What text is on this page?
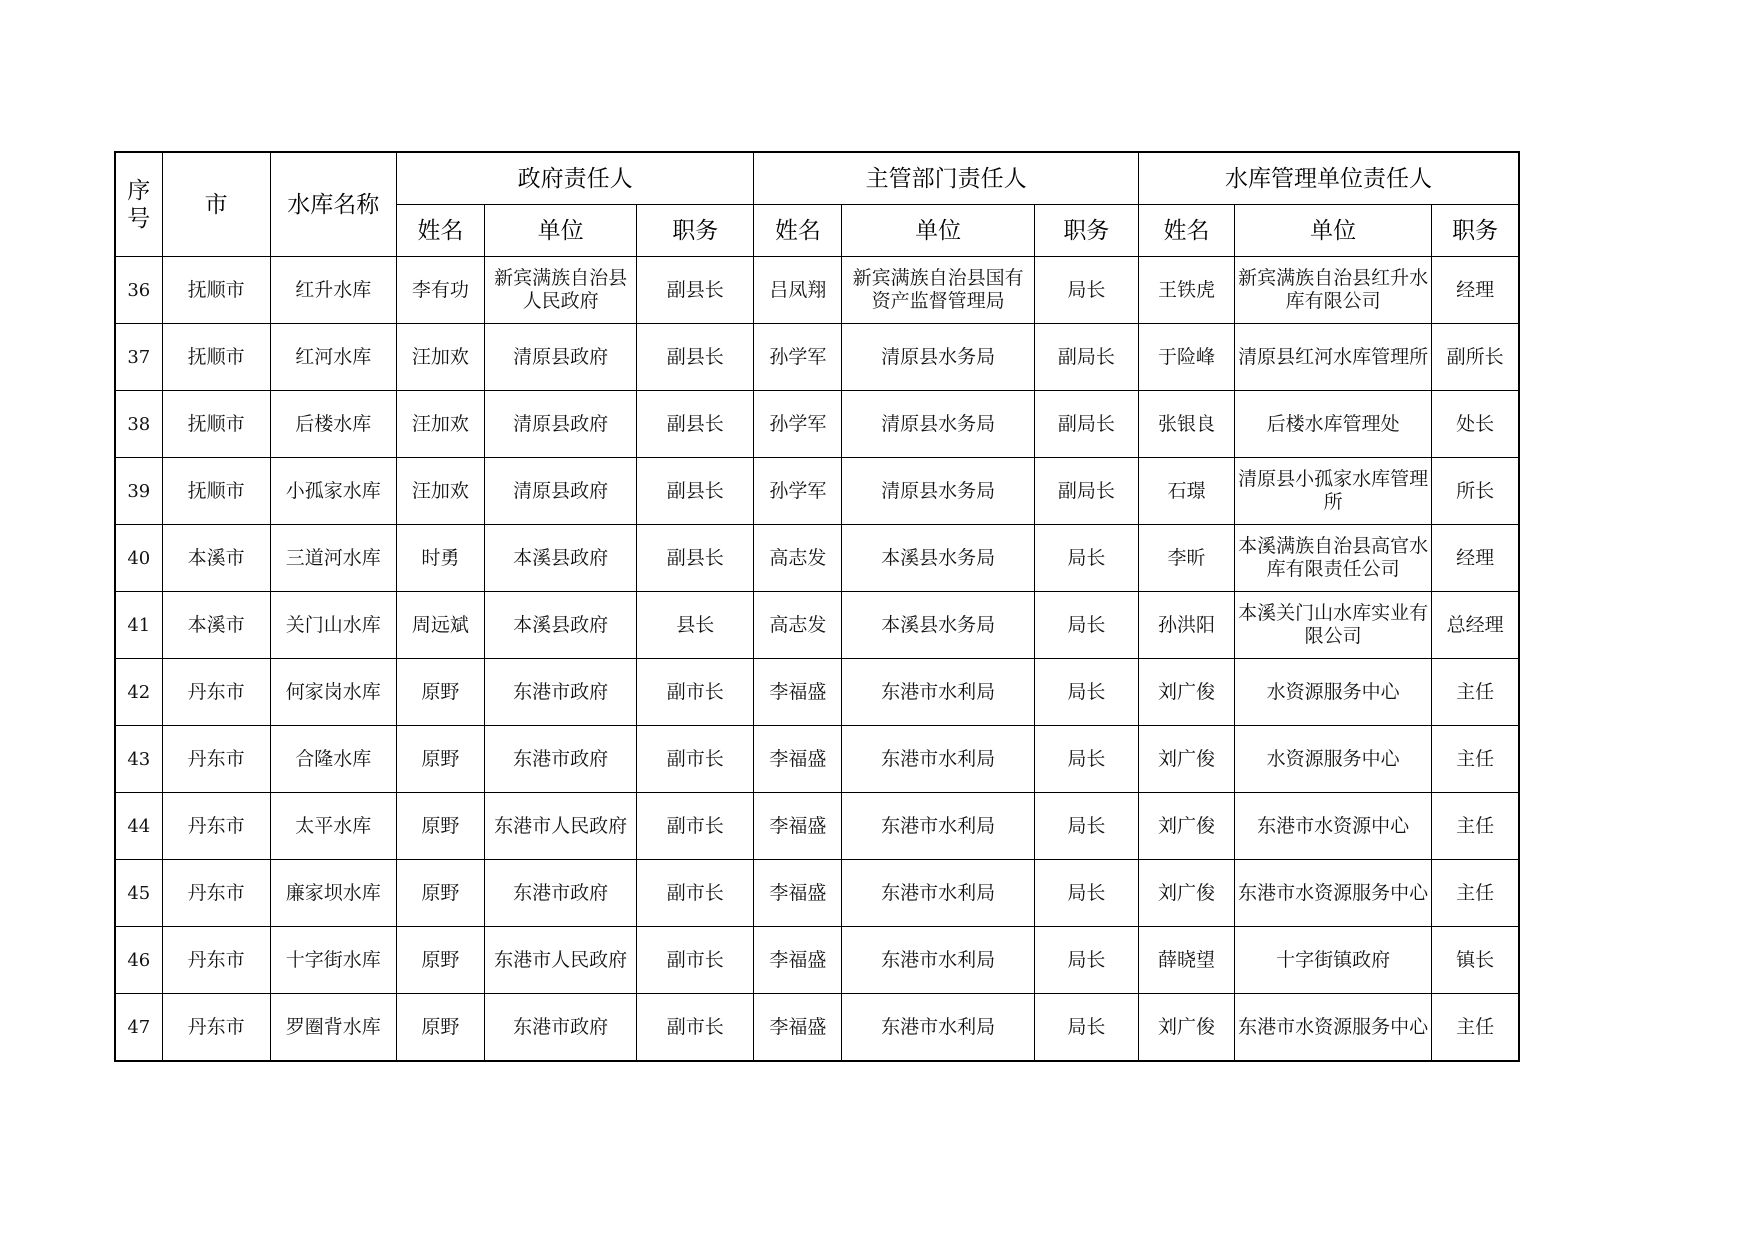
序号	市	水库名称	政府责任人			主管部门责任人			水库管理单位责任人		
			姓名	单位	职务	姓名	单位	职务	姓名	单位	职务
36	抚顺市	红升水库	李有功	新宾满族自治县人民政府	副县长	吕凤翔	新宾满族自治县国有资产监督管理局	局长	王铁虎	新宾满族自治县红升水库有限公司	经理
37	抚顺市	红河水库	汪加欢	清原县政府	副县长	孙学军	清原县水务局	副局长	于险峰	清原县红河水库管理所	副所长
38	抚顺市	后楼水库	汪加欢	清原县政府	副县长	孙学军	清原县水务局	副局长	张银良	后楼水库管理处	处长
39	抚顺市	小孤家水库	汪加欢	清原县政府	副县长	孙学军	清原县水务局	副局长	石璟	清原县小孤家水库管理所	所长
40	本溪市	三道河水库	时勇	本溪县政府	副县长	高志发	本溪县水务局	局长	李昕	本溪满族自治县高官水库有限责任公司	经理
41	本溪市	关门山水库	周远斌	本溪县政府	县长	高志发	本溪县水务局	局长	孙洪阳	本溪关门山水库实业有限公司	总经理
42	丹东市	何家岗水库	原野	东港市政府	副市长	李福盛	东港市水利局	局长	刘广俊	水资源服务中心	主任
43	丹东市	合隆水库	原野	东港市政府	副市长	李福盛	东港市水利局	局长	刘广俊	水资源服务中心	主任
44	丹东市	太平水库	原野	东港市人民政府	副市长	李福盛	东港市水利局	局长	刘广俊	东港市水资源中心	主任
45	丹东市	廉家坝水库	原野	东港市政府	副市长	李福盛	东港市水利局	局长	刘广俊	东港市水资源服务中心	主任
46	丹东市	十字街水库	原野	东港市人民政府	副市长	李福盛	东港市水利局	局长	薛晓望	十字街镇政府	镇长
47	丹东市	罗圈背水库	原野	东港市政府	副市长	李福盛	东港市水利局	局长	刘广俊	东港市水资源服务中心	主任
